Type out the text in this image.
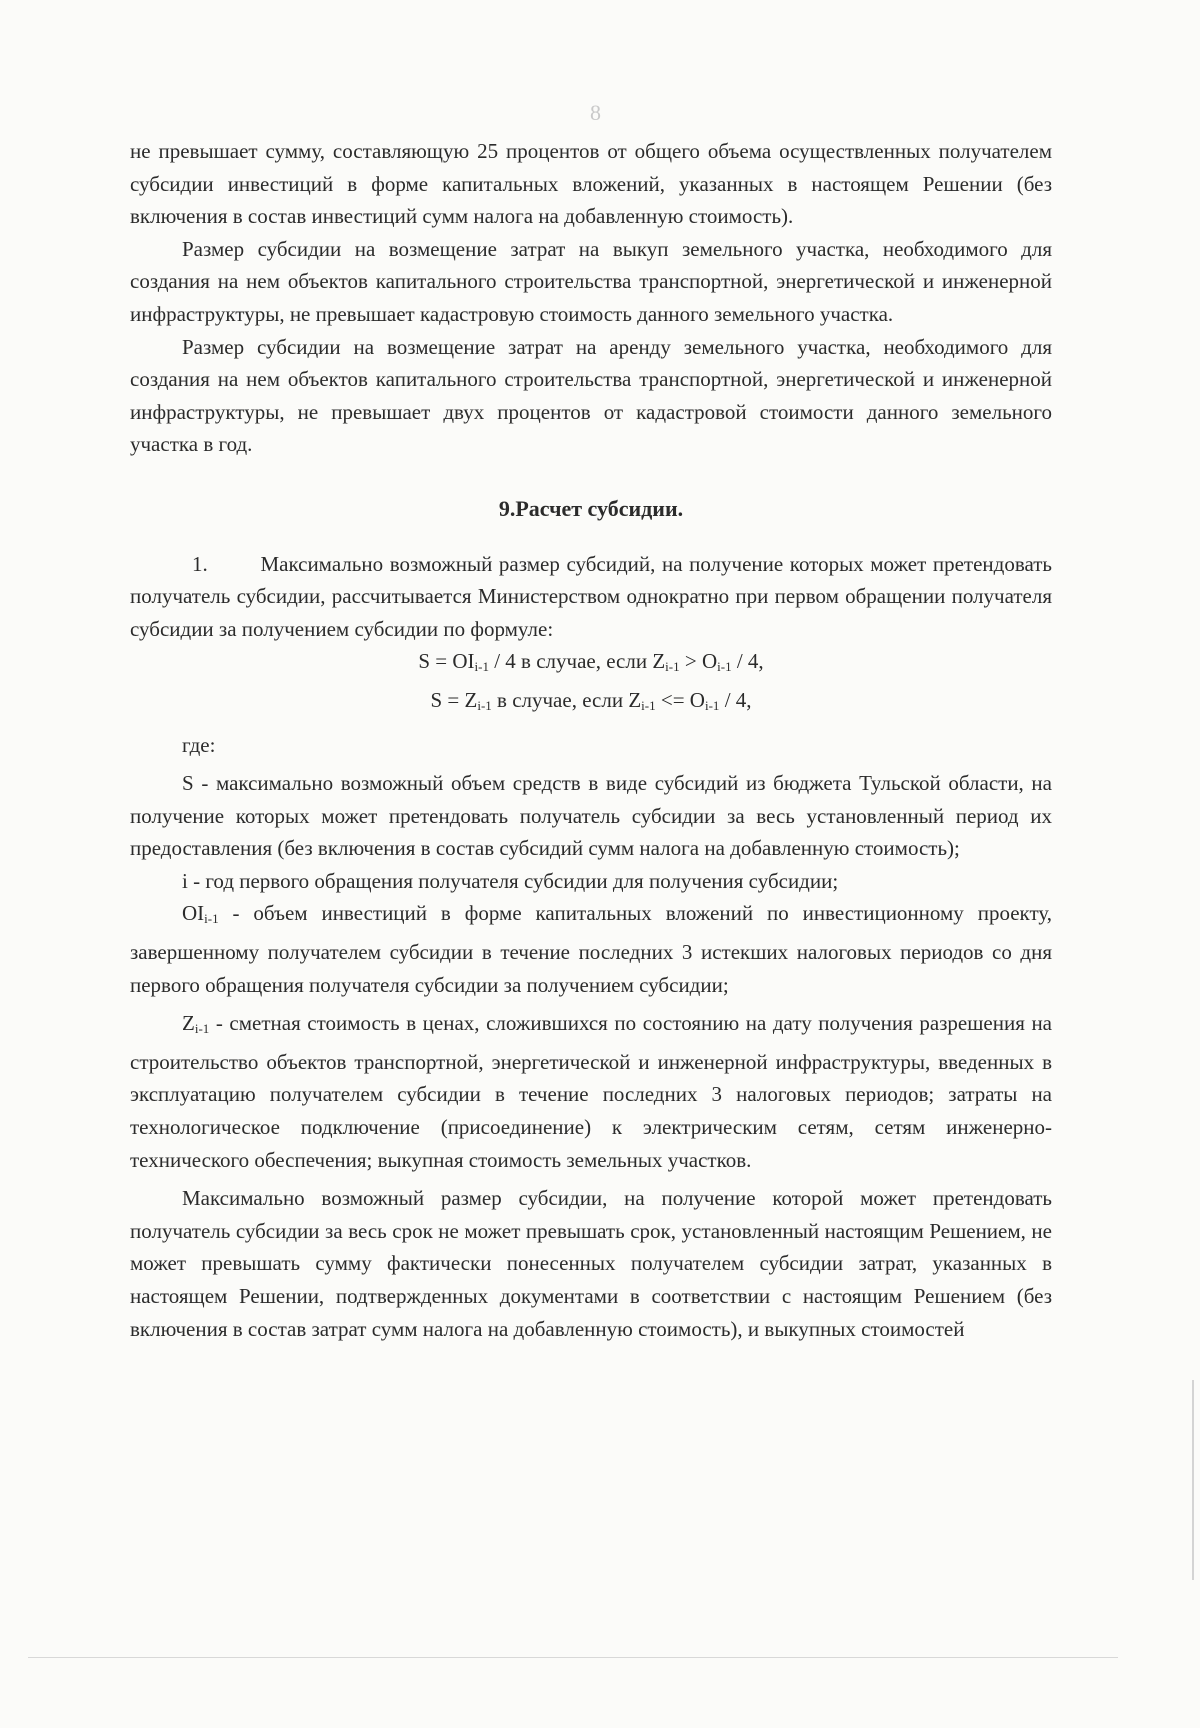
8

не превышает сумму, составляющую 25 процентов от общего объема осуществленных получателем субсидии инвестиций в форме капитальных вложений, указанных в настоящем Решении (без включения в состав инвестиций сумм налога на добавленную стоимость).

Размер субсидии на возмещение затрат на выкуп земельного участка, необходимого для создания на нем объектов капитального строительства транспортной, энергетической и инженерной инфраструктуры, не превышает кадастровую стоимость данного земельного участка.

Размер субсидии на возмещение затрат на аренду земельного участка, необходимого для создания на нем объектов капитального строительства транспортной, энергетической и инженерной инфраструктуры, не превышает двух процентов от кадастровой стоимости данного земельного участка в год.

9.Расчет субсидии.

1.        Максимально возможный размер субсидий, на получение которых может претендовать получатель субсидии, рассчитывается Министерством однократно при первом обращении получателя субсидии за получением субсидии по формуле:

$S = OI_{i-1} / 4$ в случае, если $Z_{i-1} > O_{i-1} / 4$,

$S = Z_{i-1}$ в случае, если $Z_{i-1} <= O_{i-1} / 4$,

где:

S - максимально возможный объем средств в виде субсидий из бюджета Тульской области, на получение которых может претендовать получатель субсидии за весь установленный период их предоставления (без включения в состав субсидий сумм налога на добавленную стоимость);

i - год первого обращения получателя субсидии для получения субсидии;

$OI_{i-1}$ - объем инвестиций в форме капитальных вложений по инвестиционному проекту, завершенному получателем субсидии в течение последних 3 истекших налоговых периодов со дня первого обращения получателя субсидии за получением субсидии;

$Z_{i-1}$ - сметная стоимость в ценах, сложившихся по состоянию на дату получения разрешения на строительство объектов транспортной, энергетической и инженерной инфраструктуры, введенных в эксплуатацию получателем субсидии в течение последних 3 налоговых периодов; затраты на технологическое подключение (присоединение) к электрическим сетям, сетям инженерно-технического обеспечения; выкупная стоимость земельных участков.

Максимально возможный размер субсидии, на получение которой может претендовать получатель субсидии за весь срок не может превышать срок, установленный настоящим Решением, не может превышать сумму фактически понесенных получателем субсидии затрат, указанных в настоящем Решении, подтвержденных документами в соответствии с настоящим Решением (без включения в состав затрат сумм налога на добавленную стоимость), и выкупных стоимостей
